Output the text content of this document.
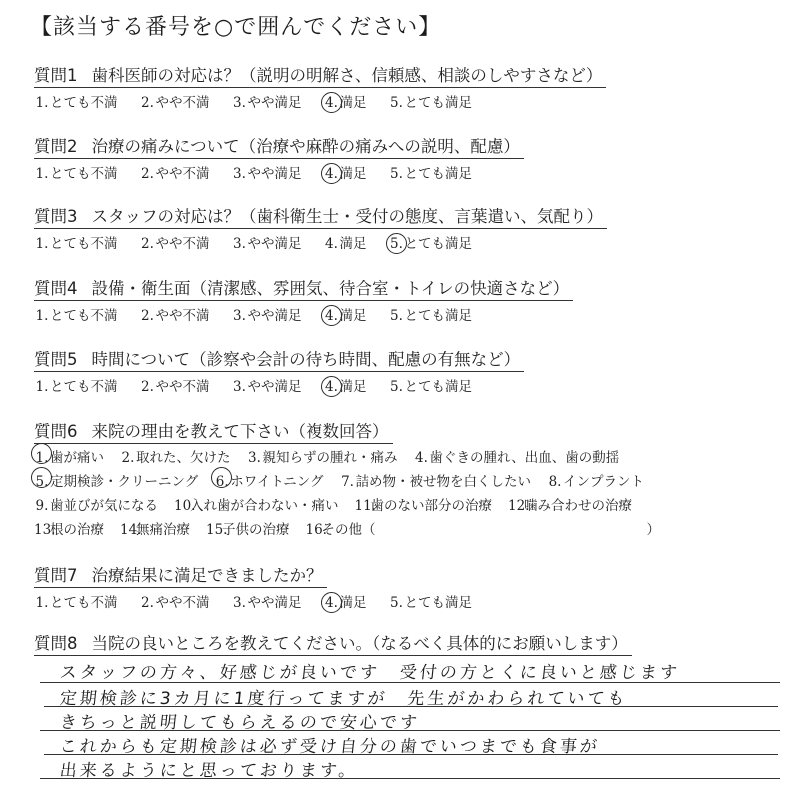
【該当する番号を○で囲んでください】
質問1 歯科医師の対応は？（説明の明解さ、信頼感、相談のしやすさなど）
1. とても不満 2. やや不満 3. やや満足 4. 満足 5. とても満足
質問2 治療の痛みについて（治療や麻酔の痛みへの説明、配慮）
1. とても不満 2. やや不満 3. やや満足 4. 満足 5. とても満足
質問3 スタッフの対応は？（歯科衛生士・受付の態度、言葉遣い、気配り）
1. とても不満 2. やや不満 3. やや満足 4. 満足 5. とても満足
質問4 設備・衛生面（清潔感、雰囲気、待合室・トイレの快適さなど）
1. とても不満 2. やや不満 3. やや満足 4. 満足 5. とても満足
質問5 時間について（診察や会計の待ち時間、配慮の有無など）
1. とても不満 2. やや不満 3. やや満足 4. 満足 5. とても満足
質問6 来院の理由を教えて下さい（複数回答）
1. 歯が痛い 2. 取れた、欠けた 3. 親知らずの腫れ・痛み 4. 歯ぐきの腫れ、出血、歯の動揺
5. 定期検診・クリーニング 6. ホワイトニング 7. 詰め物・被せ物を白くしたい 8. インプラント
9. 歯並びが気になる 10.入れ歯が合わない・痛い 11.歯のない部分の治療 12.噛み合わせの治療
13.根の治療 14.無痛治療 15.子供の治療 16.その他（	）
質問7 治療結果に満足できましたか？
1. とても不満 2. やや不満 3. やや満足 4. 満足 5. とても満足
質問8 当院の良いところを教えてください。（なるべく具体的にお願いします）
スタッフの方々、好感じが良いです　受付の方とくに良いと感じます
定期検診に3カ月に1度行ってますが　先生がかわられていても
きちっと説明してもらえるので安心です
これからも定期検診は必ず受け自分の歯でいつまでも食事が
出来るようにと思っております。
